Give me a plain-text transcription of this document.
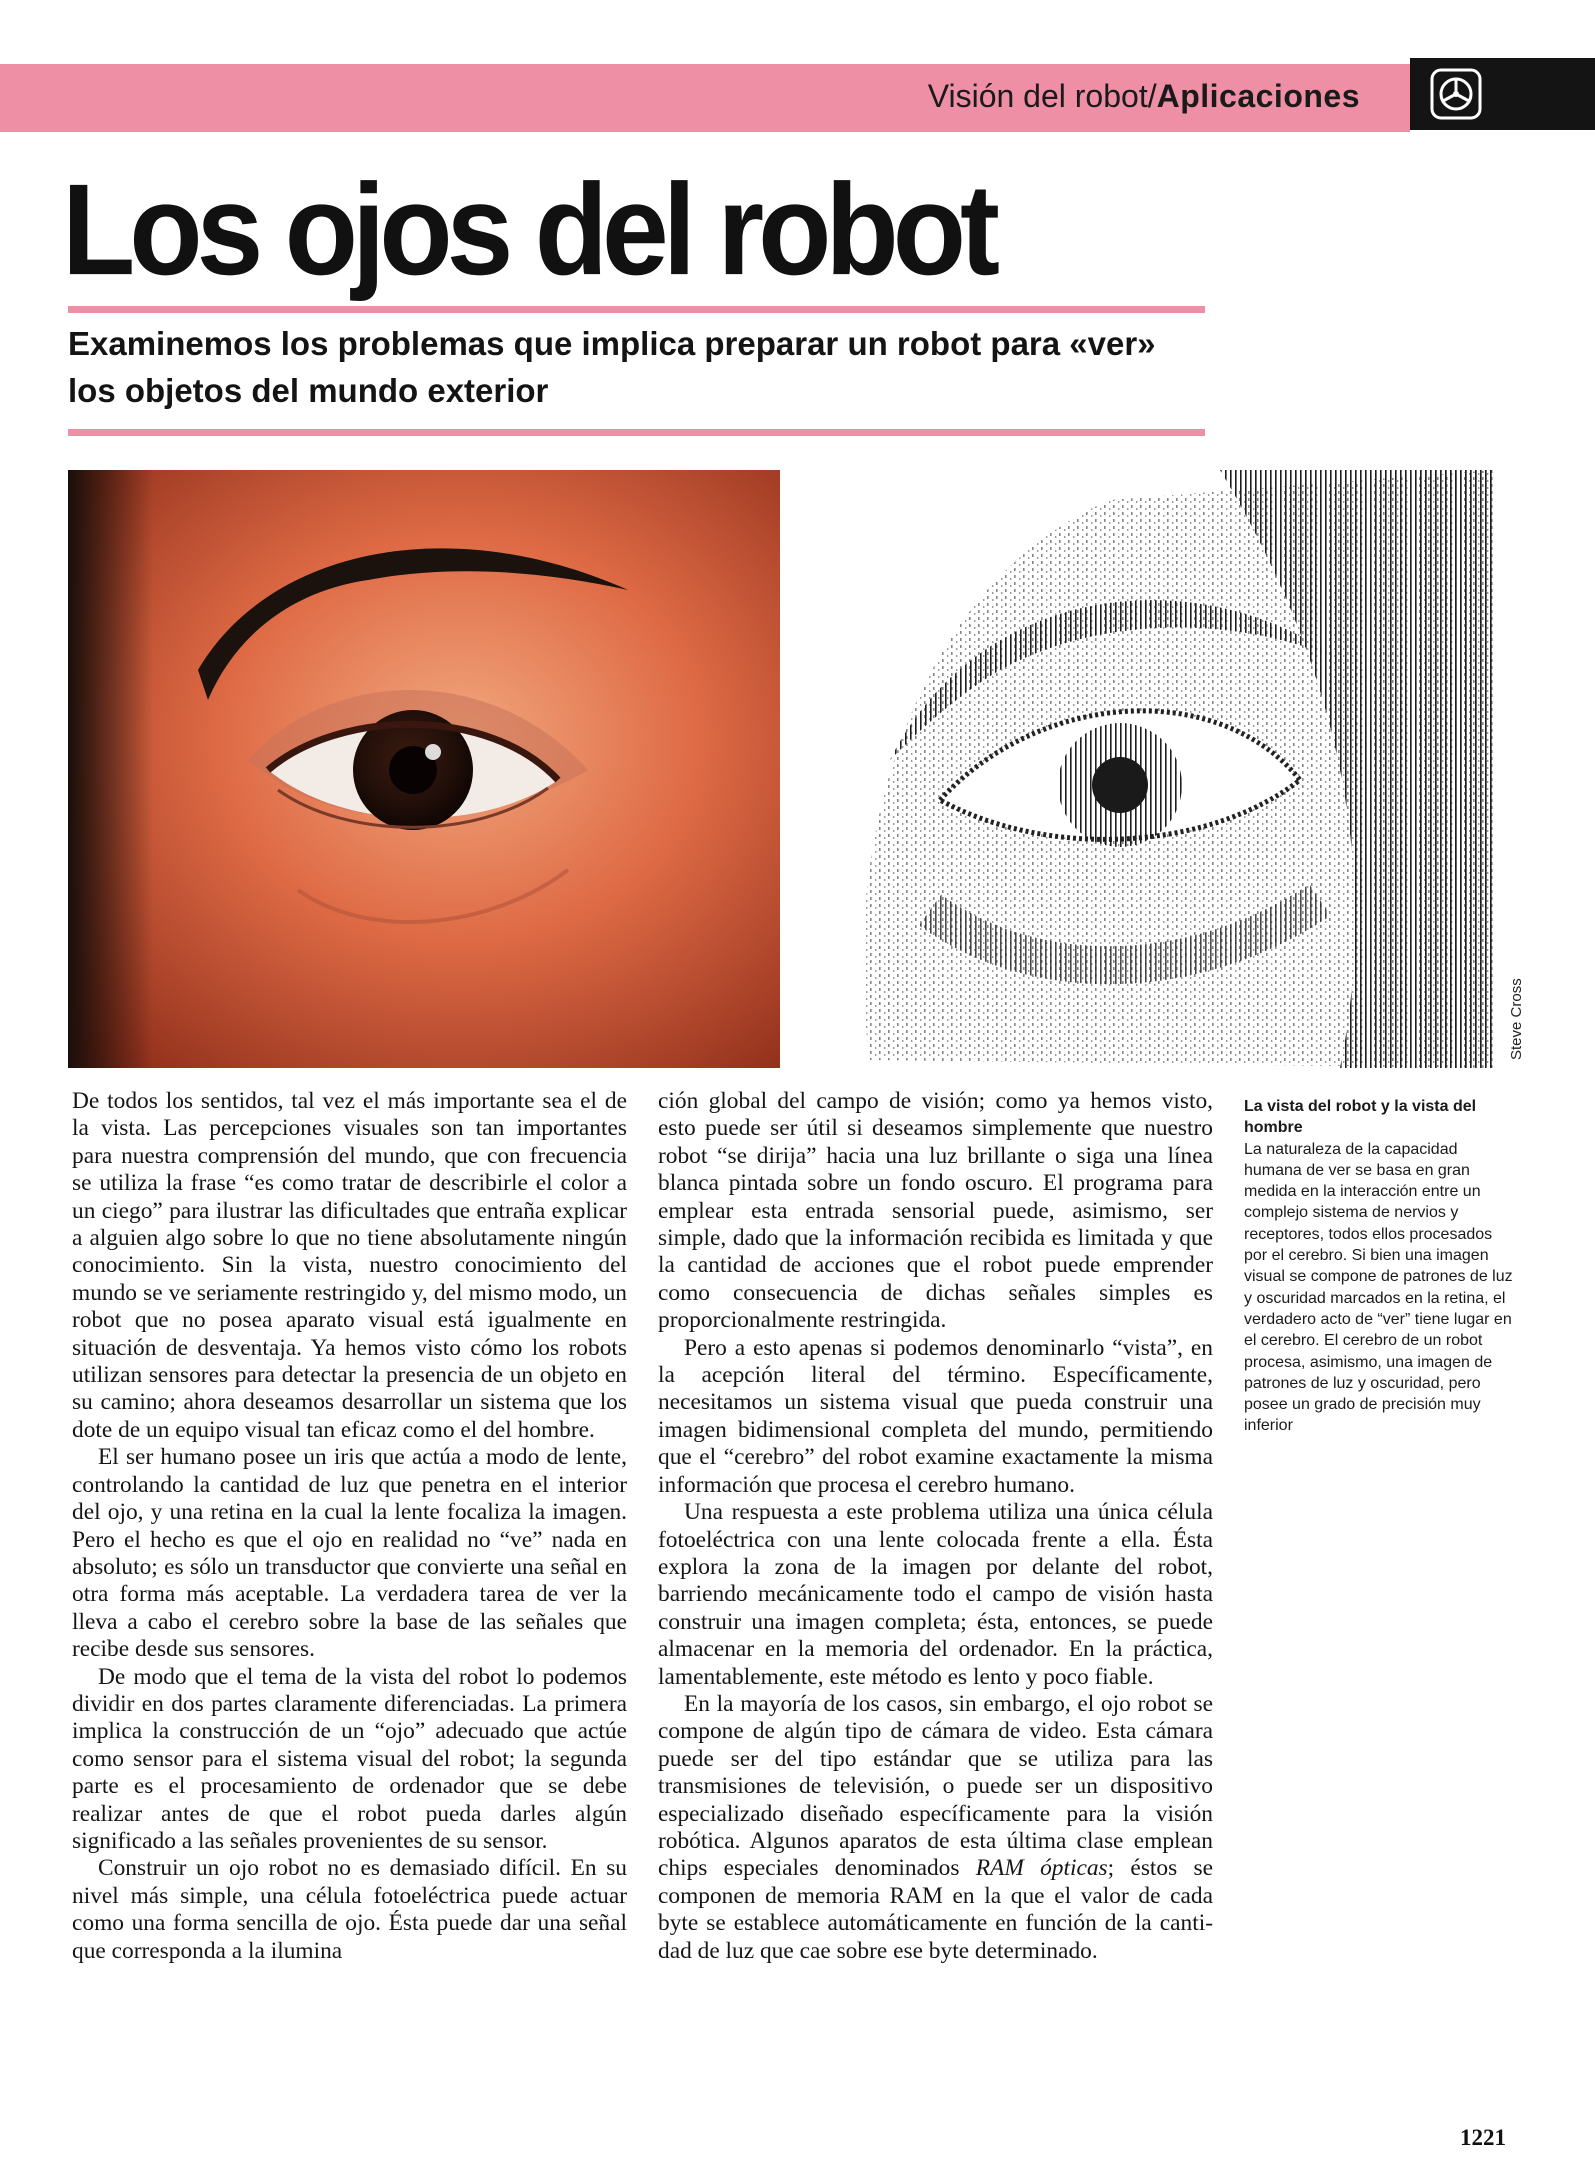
Visión del robot/Aplicaciones
Los ojos del robot
Examinemos los problemas que implica preparar un robot para «ver» los objetos del mundo exterior
Steve Cross

De todos los sentidos, tal vez el más importante sea el de la vista. Las percepciones visuales son tan importantes para nuestra comprensión del mundo, que con frecuencia se utiliza la frase “es como tratar de describirle el color a un ciego” para ilustrar las dificultades que entraña explicar a alguien algo sobre lo que no tiene absolutamente ningún conocimiento. Sin la vista, nuestro conocimiento del mundo se ve seriamente restringido y, del mismo modo, un robot que no posea aparato visual está igualmente en situación de desventaja. Ya hemos visto cómo los robots utilizan sensores para detectar la presencia de un objeto en su camino; ahora deseamos desarrollar un sistema que los dote de un equipo visual tan eficaz como el del hombre.

El ser humano posee un iris que actúa a modo de lente, controlando la cantidad de luz que penetra en el interior del ojo, y una retina en la cual la lente focaliza la imagen. Pero el hecho es que el ojo en realidad no “ve” nada en absoluto; es sólo un transductor que convierte una señal en otra forma más aceptable. La verdadera tarea de ver la lleva a cabo el cerebro sobre la base de las señales que recibe desde sus sensores.

De modo que el tema de la vista del robot lo podemos dividir en dos partes claramente diferenciadas. La primera implica la construcción de un “ojo” adecuado que actúe como sensor para el sistema visual del robot; la segunda parte es el procesamiento de ordenador que se debe realizar antes de que el robot pueda darles algún significado a las señales provenientes de su sensor.

Construir un ojo robot no es demasiado difícil. En su nivel más simple, una célula fotoeléctrica puede actuar como una forma sencilla de ojo. Ésta puede dar una señal que corresponda a la ilumina

ción global del campo de visión; como ya hemos visto, esto puede ser útil si deseamos simplemente que nuestro robot “se dirija” hacia una luz brillante o siga una línea blanca pintada sobre un fondo oscuro. El programa para emplear esta entrada sensorial puede, asimismo, ser simple, dado que la información recibida es limitada y que la cantidad de acciones que el robot puede emprender como consecuencia de dichas señales simples es proporcionalmente restringida.

Pero a esto apenas si podemos denominarlo “vista”, en la acepción literal del término. Específicamente, necesitamos un sistema visual que pueda construir una imagen bidimensional completa del mundo, permitiendo que el “cerebro” del robot examine exactamente la misma información que procesa el cerebro humano.

Una respuesta a este problema utiliza una única célula fotoeléctrica con una lente colocada frente a ella. Ésta explora la zona de la imagen por delante del robot, barriendo mecánicamente todo el campo de visión hasta construir una imagen completa; ésta, entonces, se puede almacenar en la memoria del ordenador. En la práctica, lamentablemente, este método es lento y poco fiable.

En la mayoría de los casos, sin embargo, el ojo robot se compone de algún tipo de cámara de video. Esta cámara puede ser del tipo estándar que se utiliza para las transmisiones de televisión, o puede ser un dispositivo especializado diseñado específicamente para la visión robótica. Algunos aparatos de esta última clase emplean chips especiales denominados RAM ópticas; éstos se componen de memoria RAM en la que el valor de cada byte se establece automáticamente en función de la cantidad de luz que cae sobre ese byte determinado.

La vista del robot y la vista del hombre
La naturaleza de la capacidad humana de ver se basa en gran medida en la interacción entre un complejo sistema de nervios y receptores, todos ellos procesados por el cerebro. Si bien una imagen visual se compone de patrones de luz y oscuridad marcados en la retina, el verdadero acto de “ver” tiene lugar en el cerebro. El cerebro de un robot procesa, asimismo, una imagen de patrones de luz y oscuridad, pero posee un grado de precisión muy inferior
1221
